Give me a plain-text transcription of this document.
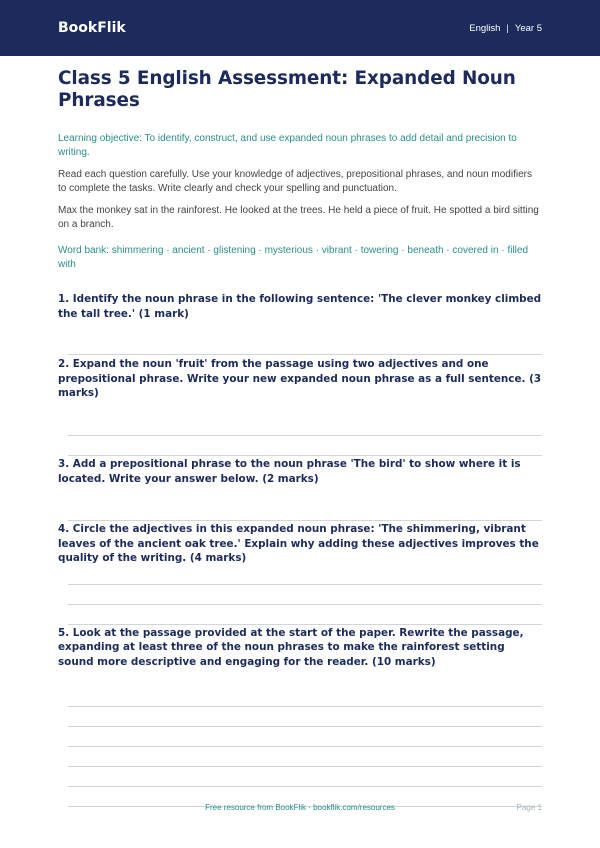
BookFlik	English | Year 5
Class 5 English Assessment: Expanded Noun Phrases

Learning objective: To identify, construct, and use expanded noun phrases to add detail and precision to writing.

Read each question carefully. Use your knowledge of adjectives, prepositional phrases, and noun modifiers to complete the tasks. Write clearly and check your spelling and punctuation.

Max the monkey sat in the rainforest. He looked at the trees. He held a piece of fruit. He spotted a bird sitting on a branch.

Word bank: shimmering · ancient · glistening · mysterious · vibrant · towering · beneath · covered in · filled with

1. Identify the noun phrase in the following sentence: 'The clever monkey climbed the tall tree.' (1 mark)

2. Expand the noun 'fruit' from the passage using two adjectives and one prepositional phrase. Write your new expanded noun phrase as a full sentence. (3 marks)

3. Add a prepositional phrase to the noun phrase 'The bird' to show where it is located. Write your answer below. (2 marks)

4. Circle the adjectives in this expanded noun phrase: 'The shimmering, vibrant leaves of the ancient oak tree.' Explain why adding these adjectives improves the quality of the writing. (4 marks)

5. Look at the passage provided at the start of the paper. Rewrite the passage, expanding at least three of the noun phrases to make the rainforest setting sound more descriptive and engaging for the reader. (10 marks)

Free resource from BookFlik · bookflik.com/resources	Page 1
